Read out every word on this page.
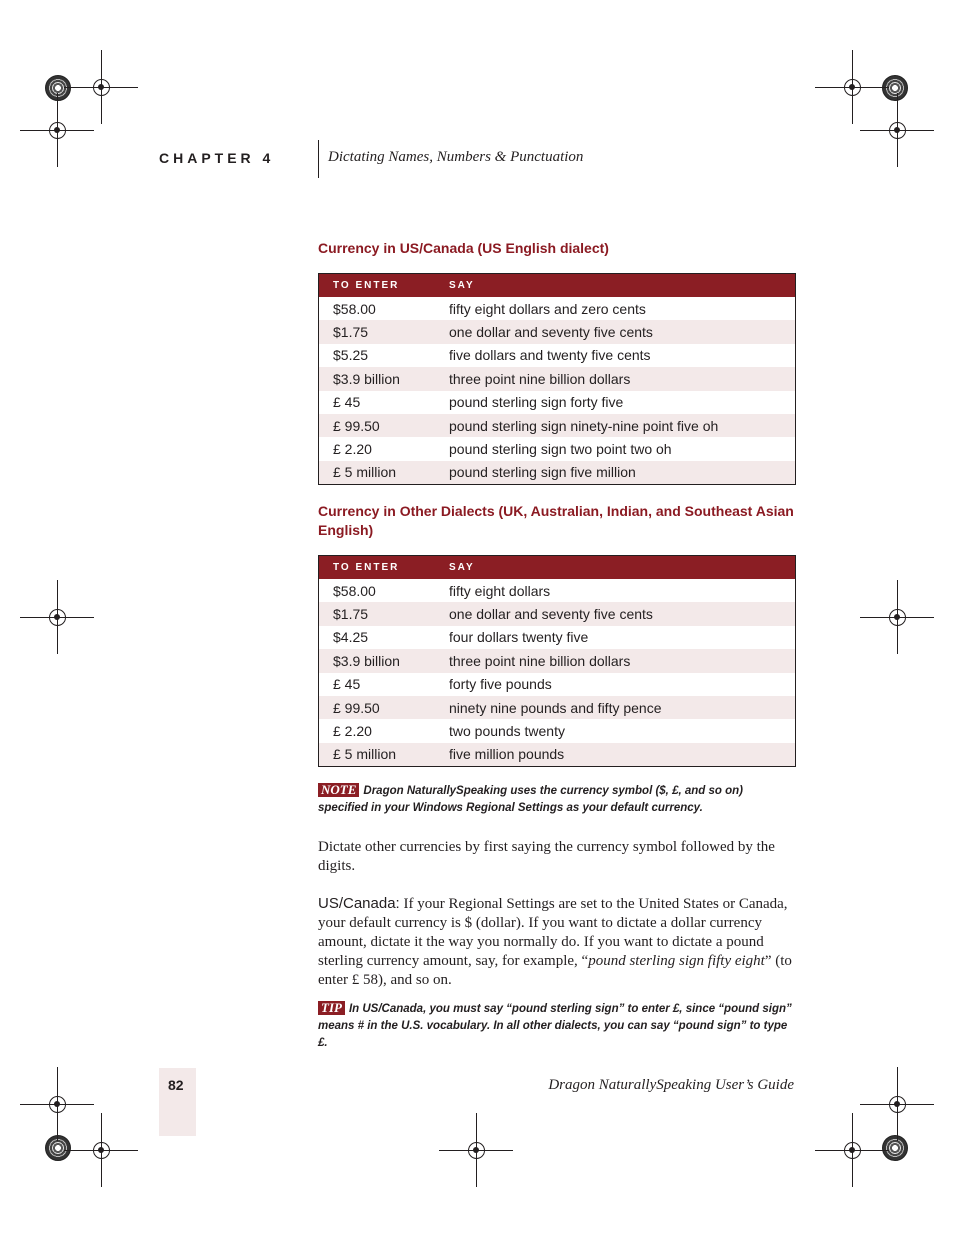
CHAPTER 4	Dictating Names, Numbers & Punctuation
Currency in US/Canada (US English dialect)
TO ENTER	SAY
$58.00	fifty eight dollars and zero cents
$1.75	one dollar and seventy five cents
$5.25	five dollars and twenty five cents
$3.9 billion	three point nine billion dollars
£ 45	pound sterling sign forty five
£ 99.50	pound sterling sign ninety-nine point five oh
£ 2.20	pound sterling sign two point two oh
£ 5 million	pound sterling sign five million
Currency in Other Dialects (UK, Australian, Indian, and Southeast Asian English)
TO ENTER	SAY
$58.00	fifty eight dollars
$1.75	one dollar and seventy five cents
$4.25	four dollars twenty five
$3.9 billion	three point nine billion dollars
£ 45	forty five pounds
£ 99.50	ninety nine pounds and fifty pence
£ 2.20	two pounds twenty
£ 5 million	five million pounds
NOTE Dragon NaturallySpeaking uses the currency symbol ($, £, and so on) specified in your Windows Regional Settings as your default currency.
Dictate other currencies by first saying the currency symbol followed by the digits.
US/Canada: If your Regional Settings are set to the United States or Canada, your default currency is $ (dollar). If you want to dictate a dollar currency amount, dictate it the way you normally do. If you want to dictate a pound sterling currency amount, say, for example, “pound sterling sign fifty eight” (to enter £ 58), and so on.
TIP In US/Canada, you must say “pound sterling sign” to enter £, since “pound sign” means # in the U.S. vocabulary. In all other dialects, you can say “pound sign” to type £.
82	Dragon NaturallySpeaking User’s Guide
